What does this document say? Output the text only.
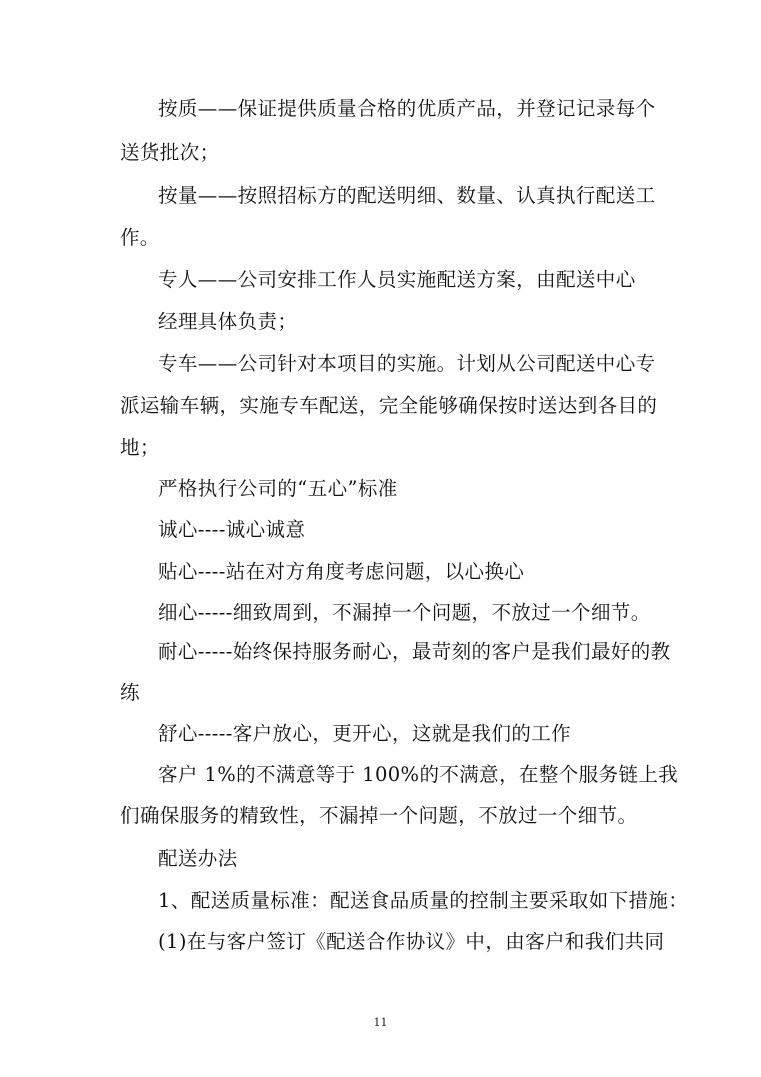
按质——保证提供质量合格的优质产品，并登记记录每个
送货批次；
按量——按照招标方的配送明细、数量、认真执行配送工
作。
专人——公司安排工作人员实施配送方案，由配送中心
经理具体负责；
专车——公司针对本项目的实施。计划从公司配送中心专
派运输车辆，实施专车配送，完全能够确保按时送达到各目的
地；
严格执行公司的“五心”标准
诚心----诚心诚意
贴心----站在对方角度考虑问题，以心换心
细心-----细致周到，不漏掉一个问题，不放过一个细节。
耐心-----始终保持服务耐心，最苛刻的客户是我们最好的教
练
舒心-----客户放心，更开心，这就是我们的工作
客户 1%的不满意等于 100%的不满意，在整个服务链上我
们确保服务的精致性，不漏掉一个问题，不放过一个细节。
配送办法
1、配送质量标准：配送食品质量的控制主要采取如下措施：
(1)在与客户签订《配送合作协议》中，由客户和我们共同
11
